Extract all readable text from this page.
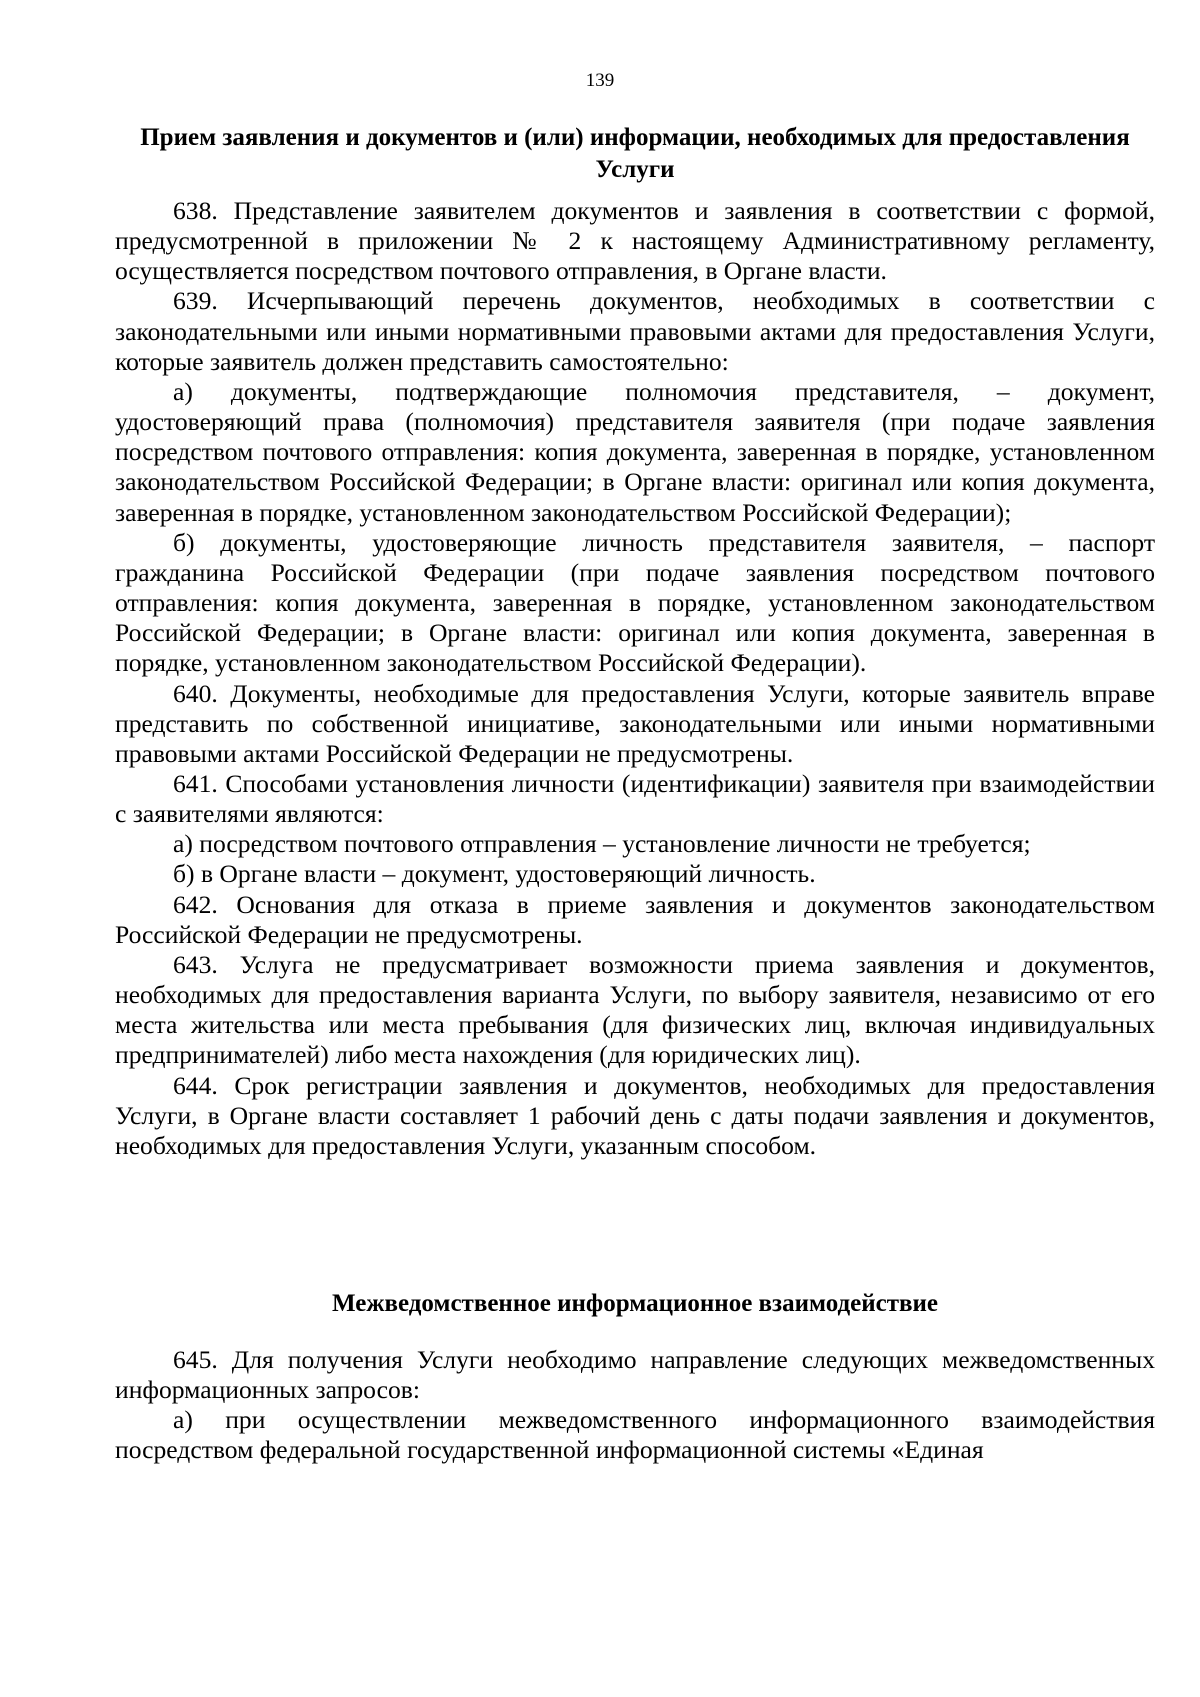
139
Прием заявления и документов и (или) информации, необходимых для предоставления Услуги

638. Представление заявителем документов и заявления в соответствии с формой, предусмотренной в приложении № 2 к настоящему Административному регламенту, осуществляется посредством почтового отправления, в Органе власти.

639. Исчерпывающий перечень документов, необходимых в соответствии с законодательными или иными нормативными правовыми актами для предоставления Услуги, которые заявитель должен представить самостоятельно:

а) документы, подтверждающие полномочия представителя, – документ, удостоверяющий права (полномочия) представителя заявителя (при подаче заявления посредством почтового отправления: копия документа, заверенная в порядке, установленном законодательством Российской Федерации; в Органе власти: оригинал или копия документа, заверенная в порядке, установленном законодательством Российской Федерации);

б) документы, удостоверяющие личность представителя заявителя, – паспорт гражданина Российской Федерации (при подаче заявления посредством почтового отправления: копия документа, заверенная в порядке, установленном законодательством Российской Федерации; в Органе власти: оригинал или копия документа, заверенная в порядке, установленном законодательством Российской Федерации).

640. Документы, необходимые для предоставления Услуги, которые заявитель вправе представить по собственной инициативе, законодательными или иными нормативными правовыми актами Российской Федерации не предусмотрены.

641. Способами установления личности (идентификации) заявителя при взаимодействии с заявителями являются:

а) посредством почтового отправления – установление личности не требуется;

б) в Органе власти – документ, удостоверяющий личность.

642. Основания для отказа в приеме заявления и документов законодательством Российской Федерации не предусмотрены.

643. Услуга не предусматривает возможности приема заявления и документов, необходимых для предоставления варианта Услуги, по выбору заявителя, независимо от его места жительства или места пребывания (для физических лиц, включая индивидуальных предпринимателей) либо места нахождения (для юридических лиц).

644. Срок регистрации заявления и документов, необходимых для предоставления Услуги, в Органе власти составляет 1 рабочий день с даты подачи заявления и документов, необходимых для предоставления Услуги, указанным способом.

Межведомственное информационное взаимодействие

645. Для получения Услуги необходимо направление следующих межведомственных информационных запросов:

а) при осуществлении межведомственного информационного взаимодействия посредством федеральной государственной информационной системы «Единая
